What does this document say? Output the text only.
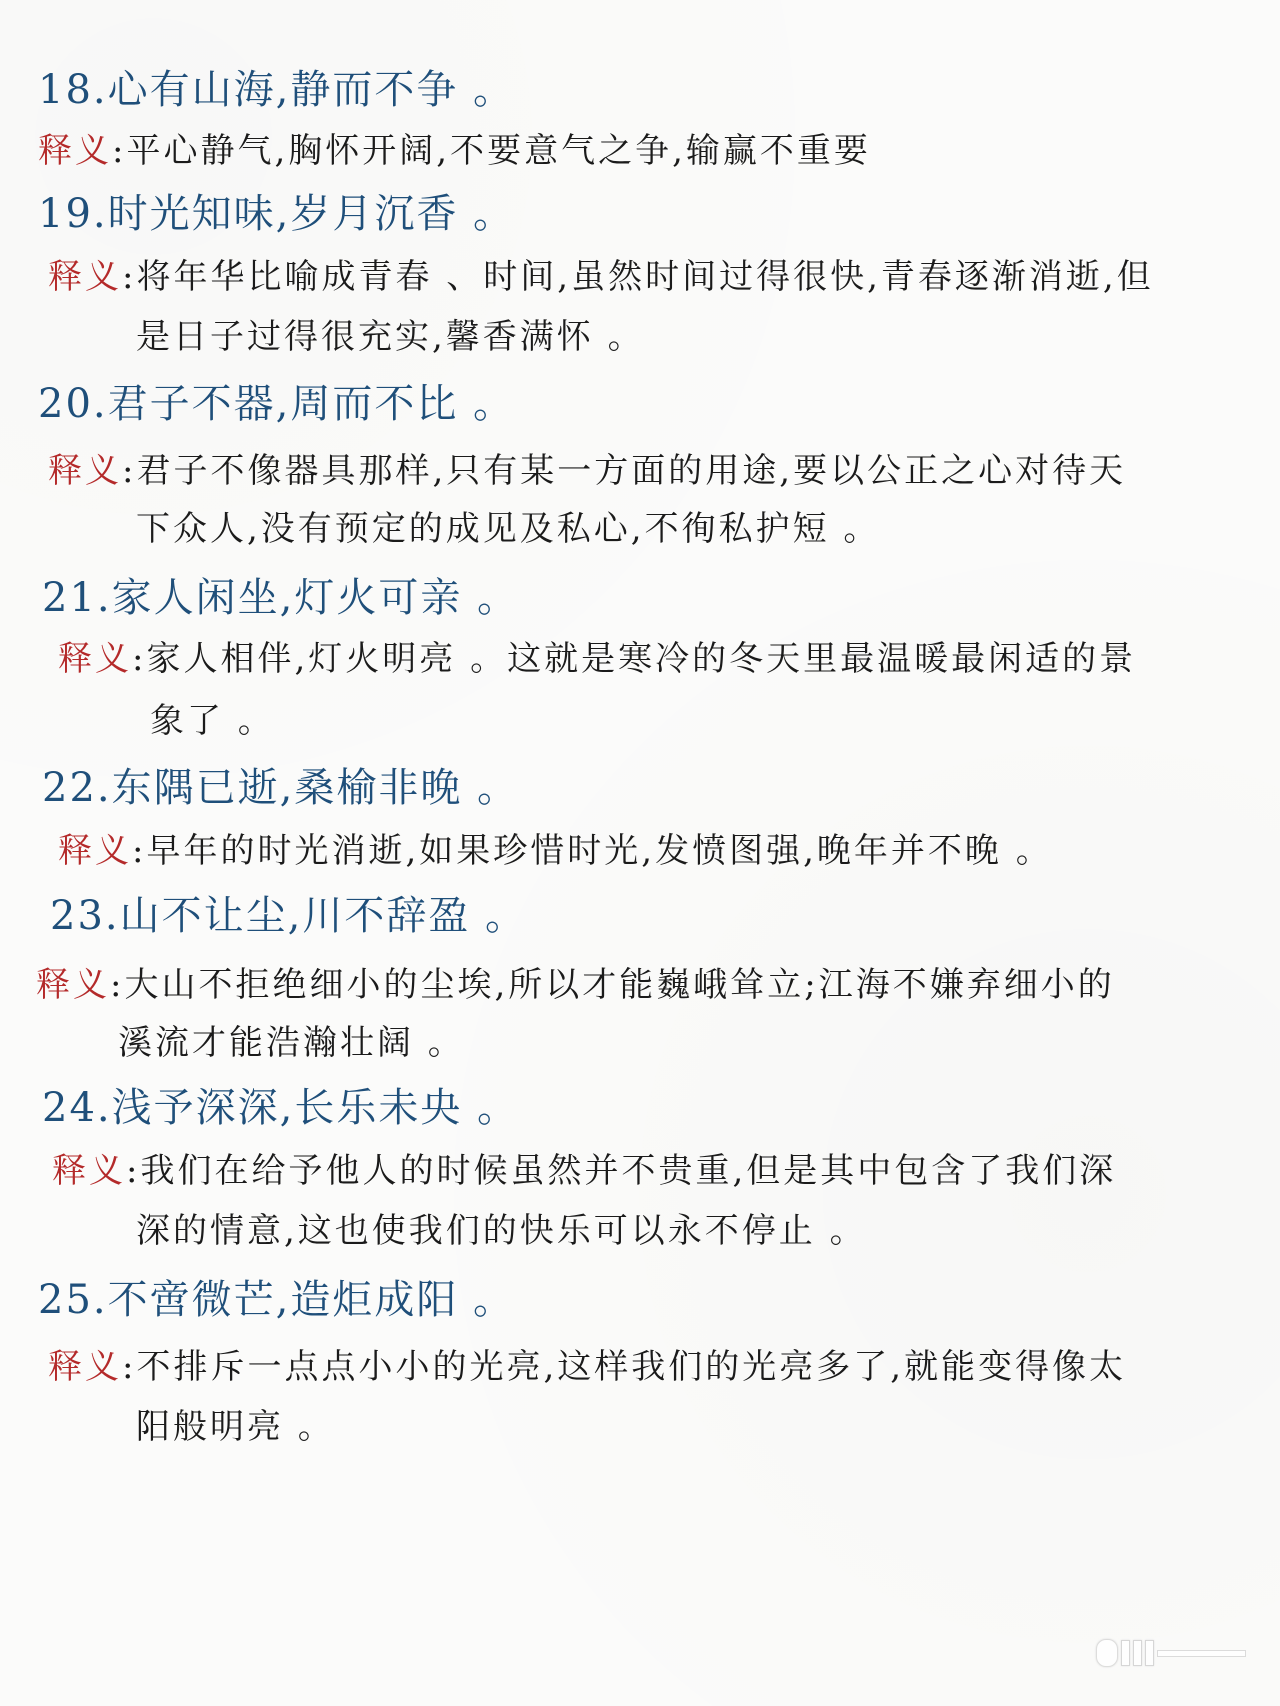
18.心有山海,静而不争 。
释义:平心静气,胸怀开阔,不要意气之争,输赢不重要
19.时光知味,岁月沉香 。
释义:将年华比喻成青春 、时间,虽然时间过得很快,青春逐渐消逝,但
是日子过得很充实,馨香满怀 。
20.君子不器,周而不比 。
释义:君子不像器具那样,只有某一方面的用途,要以公正之心对待天
下众人,没有预定的成见及私心,不徇私护短 。
21.家人闲坐,灯火可亲 。
释义:家人相伴,灯火明亮 。这就是寒冷的冬天里最温暖最闲适的景
象了 。
22.东隅已逝,桑榆非晚 。
释义:早年的时光消逝,如果珍惜时光,发愤图强,晚年并不晚 。
23.山不让尘,川不辞盈 。
释义:大山不拒绝细小的尘埃,所以才能巍峨耸立;江海不嫌弃细小的
溪流才能浩瀚壮阔 。
24.浅予深深,长乐未央 。
释义:我们在给予他人的时候虽然并不贵重,但是其中包含了我们深
深的情意,这也使我们的快乐可以永不停止 。
25.不啻微芒,造炬成阳 。
释义:不排斥一点点小小的光亮,这样我们的光亮多了,就能变得像太
阳般明亮 。
